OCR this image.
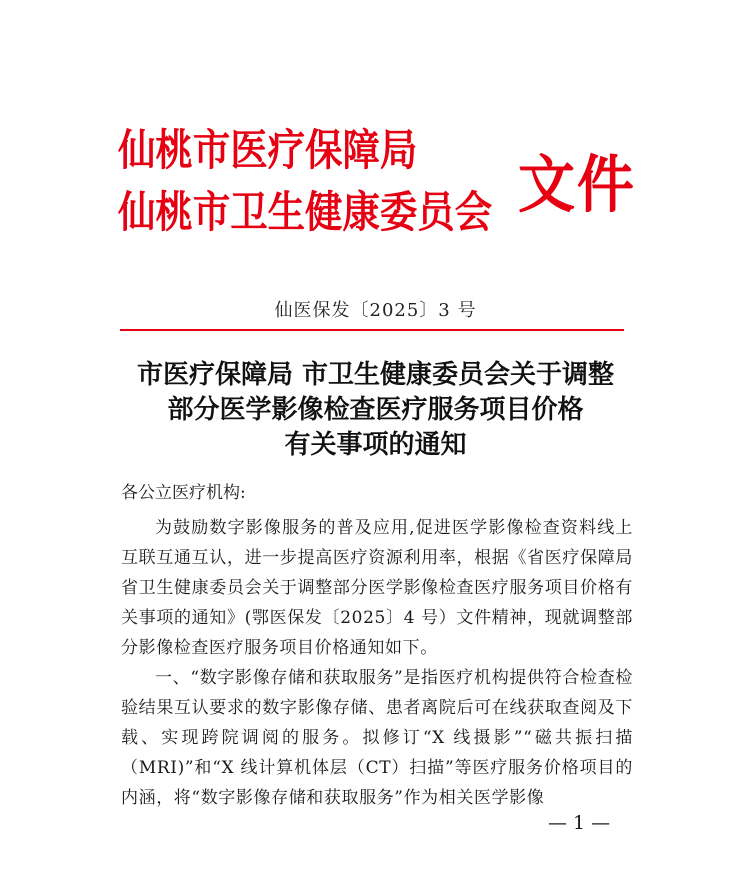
仙桃市医疗保障局
仙桃市卫生健康委员会 文件
仙医保发〔2025〕3 号
市医疗保障局 市卫生健康委员会关于调整
部分医学影像检查医疗服务项目价格
有关事项的通知
各公立医疗机构:
为鼓励数字影像服务的普及应用,促进医学影像检查资料线上互联互通互认，进一步提高医疗资源利用率，根据《省医疗保障局 省卫生健康委员会关于调整部分医学影像检查医疗服务项目价格有关事项的通知》(鄂医保发〔2025〕4 号）文件精神，现就调整部分影像检查医疗服务项目价格通知如下。
一、“数字影像存储和获取服务”是指医疗机构提供符合检查检验结果互认要求的数字影像存储、患者离院后可在线获取查阅及下载、实现跨院调阅的服务。拟修订“X 线摄影”“磁共振扫描（MRI)”和“X 线计算机体层（CT）扫描”等医疗服务价格项目的内涵，将“数字影像存储和获取服务”作为相关医学影像
— 1 —
